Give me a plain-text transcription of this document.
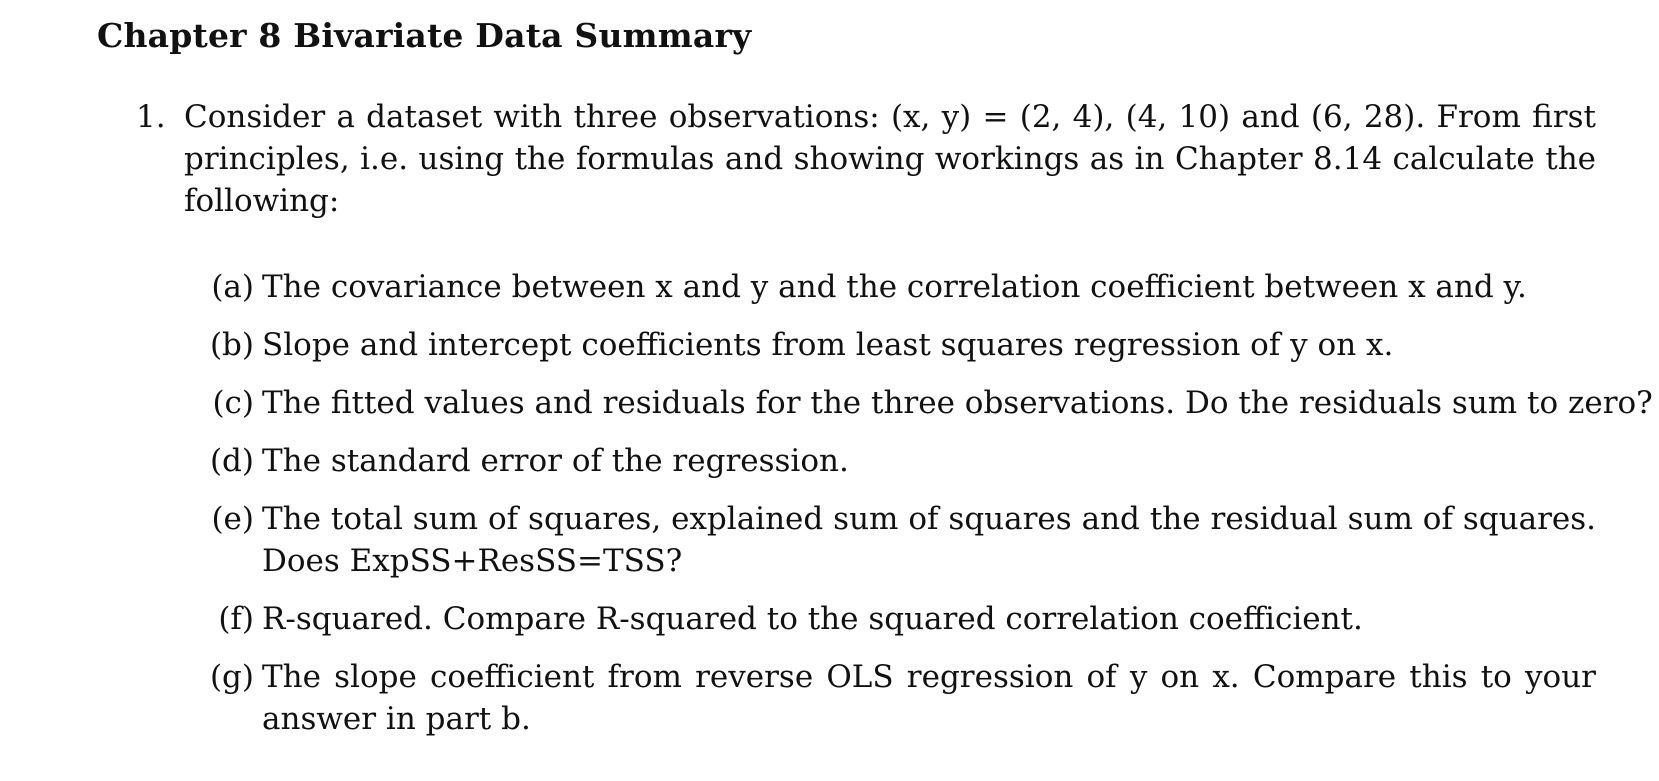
Chapter 8 Bivariate Data Summary
1. Consider a dataset with three observations: (x, y) = (2, 4), (4, 10) and (6, 28). From first
principles, i.e. using the formulas and showing workings as in Chapter 8.14 calculate the
following:
(a) The covariance between x and y and the correlation coefficient between x and y.
(b) Slope and intercept coefficients from least squares regression of y on x.
(c) The fitted values and residuals for the three observations. Do the residuals sum to zero?
(d) The standard error of the regression.
(e) The total sum of squares, explained sum of squares and the residual sum of squares.
Does ExpSS+ResSS=TSS?
(f) R-squared. Compare R-squared to the squared correlation coefficient.
(g) The slope coefficient from reverse OLS regression of y on x. Compare this to your
answer in part b.
